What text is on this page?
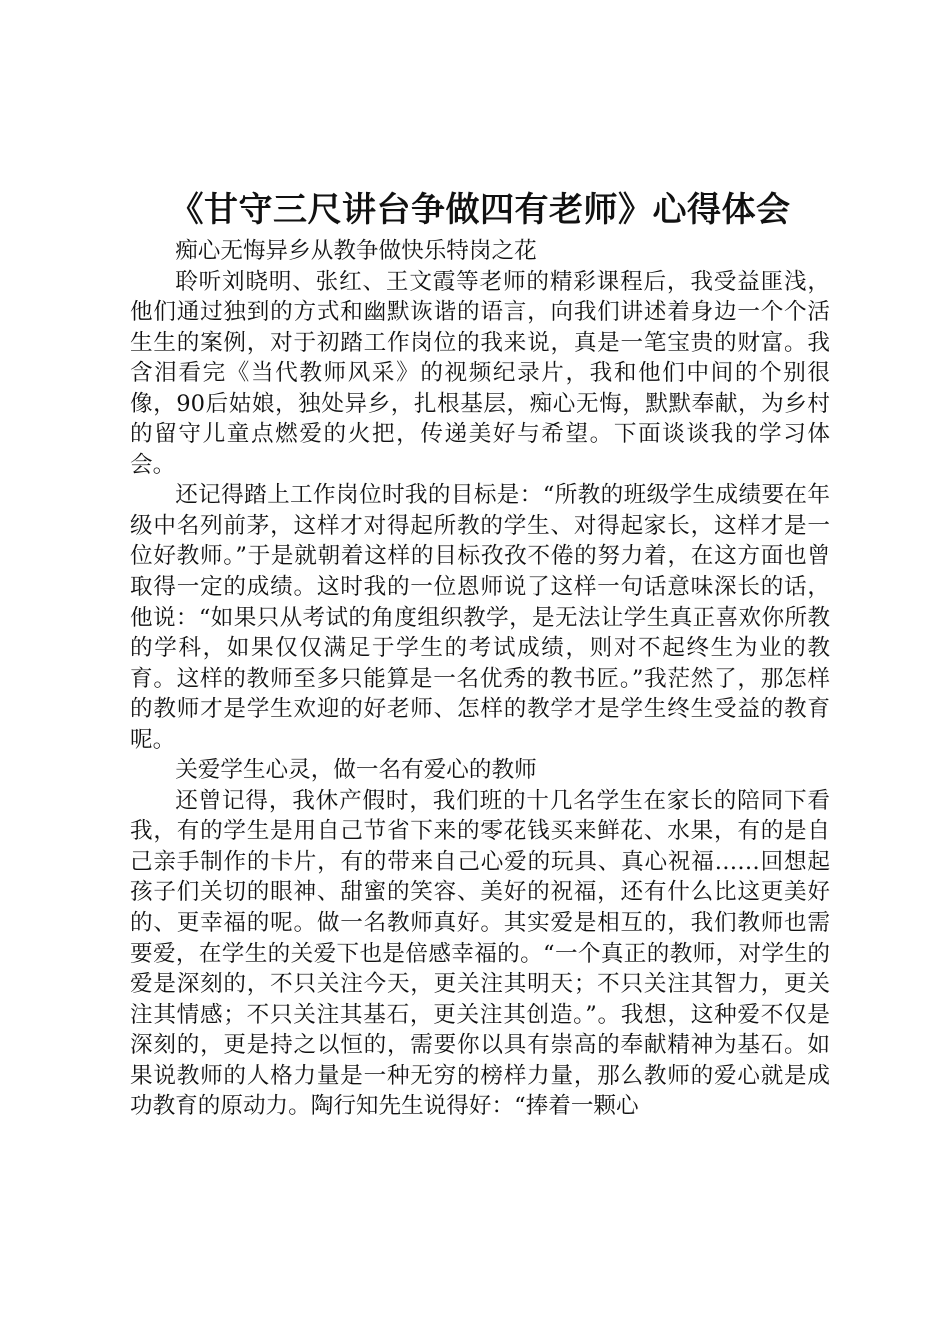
《甘守三尺讲台争做四有老师》心得体会

痴心无悔异乡从教争做快乐特岗之花

聆听刘晓明、张红、王文霞等老师的精彩课程后，我受益匪浅，他们通过独到的方式和幽默诙谐的语言，向我们讲述着身边一个个活生生的案例，对于初踏工作岗位的我来说，真是一笔宝贵的财富。我含泪看完《当代教师风采》的视频纪录片，我和他们中间的个别很像，90后姑娘，独处异乡，扎根基层，痴心无悔，默默奉献，为乡村的留守儿童点燃爱的火把，传递美好与希望。下面谈谈我的学习体会。

还记得踏上工作岗位时我的目标是：“所教的班级学生成绩要在年级中名列前茅，这样才对得起所教的学生、对得起家长，这样才是一位好教师。”于是就朝着这样的目标孜孜不倦的努力着，在这方面也曾取得一定的成绩。这时我的一位恩师说了这样一句话意味深长的话，他说：“如果只从考试的角度组织教学，是无法让学生真正喜欢你所教的学科，如果仅仅满足于学生的考试成绩，则对不起终生为业的教育。这样的教师至多只能算是一名优秀的教书匠。”我茫然了，那怎样的教师才是学生欢迎的好老师、怎样的教学才是学生终生受益的教育呢。

关爱学生心灵，做一名有爱心的教师

还曾记得，我休产假时，我们班的十几名学生在家长的陪同下看我，有的学生是用自己节省下来的零花钱买来鲜花、水果，有的是自己亲手制作的卡片，有的带来自己心爱的玩具、真心祝福……回想起孩子们关切的眼神、甜蜜的笑容、美好的祝福，还有什么比这更美好的、更幸福的呢。做一名教师真好。其实爱是相互的，我们教师也需要爱，在学生的关爱下也是倍感幸福的。“一个真正的教师，对学生的爱是深刻的，不只关注今天，更关注其明天；不只关注其智力，更关注其情感；不只关注其基石，更关注其创造。”。我想，这种爱不仅是深刻的，更是持之以恒的，需要你以具有崇高的奉献精神为基石。如果说教师的人格力量是一种无穷的榜样力量，那么教师的爱心就是成功教育的原动力。陶行知先生说得好：“捧着一颗心
